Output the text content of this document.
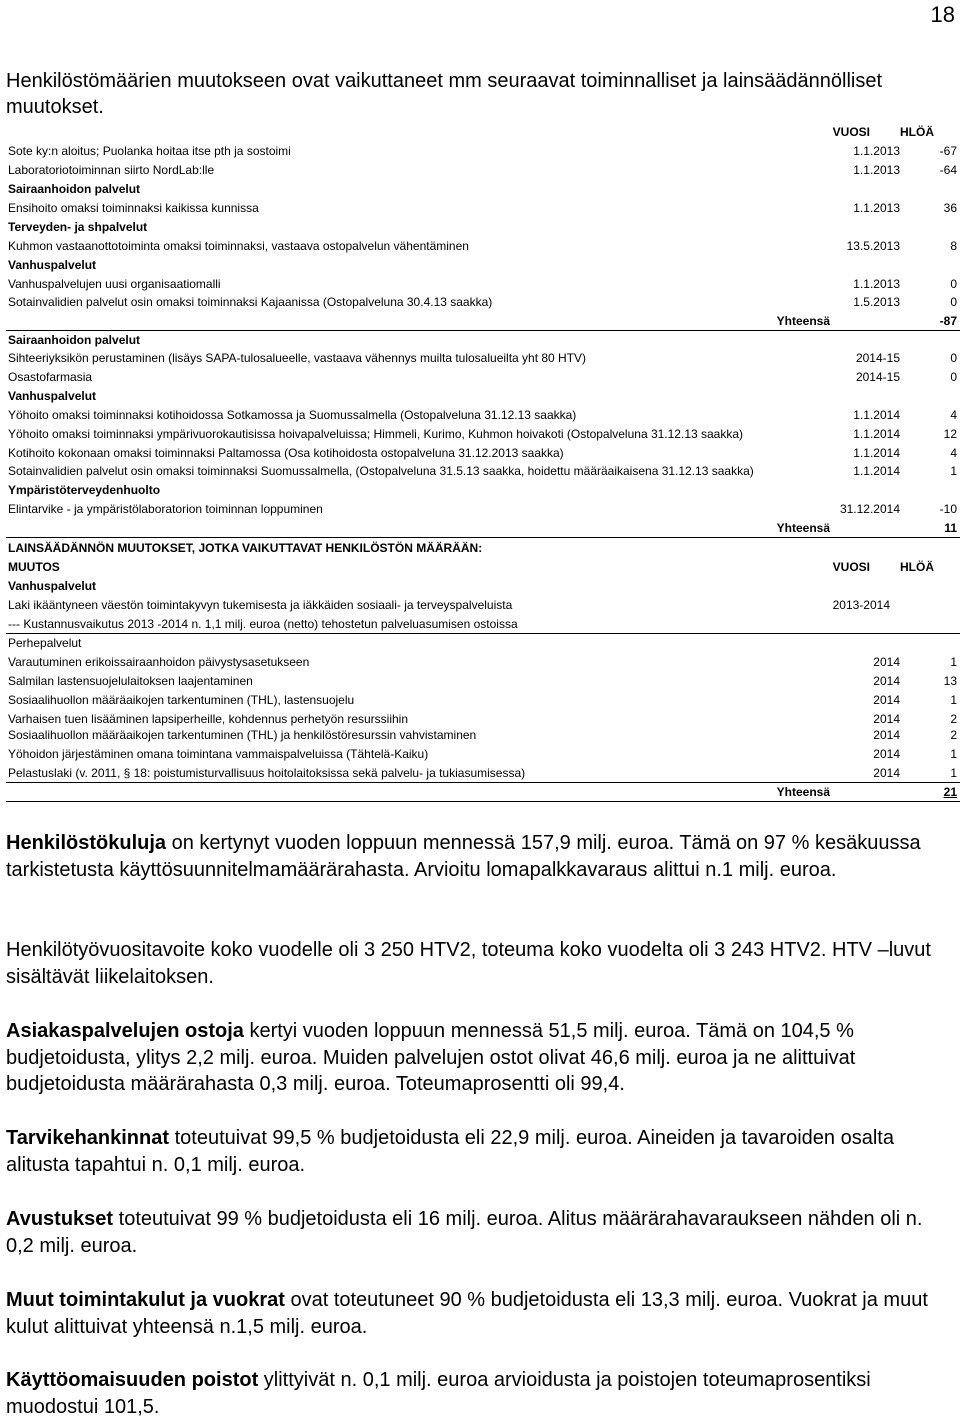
18

Henkilöstömäärien muutokseen ovat vaikuttaneet mm seuraavat toiminnalliset ja lainsäädännölliset muutokset.

VUOSI	HLÖÄ
Sote ky:n aloitus; Puolanka hoitaa itse pth ja sostoimi	1.1.2013	-67
Laboratoriotoiminnan siirto NordLab:lle	1.1.2013	-64
Sairaanhoidon palvelut
Ensihoito omaksi toiminnaksi kaikissa kunnissa	1.1.2013	36
Terveyden- ja shpalvelut
Kuhmon vastaanottotoiminta omaksi toiminnaksi, vastaava ostopalvelun vähentäminen	13.5.2013	8
Vanhuspalvelut
Vanhuspalvelujen uusi organisaatiomalli	1.1.2013	0
Sotainvalidien palvelut osin omaksi toiminnaksi Kajaanissa (Ostopalveluna 30.4.13 saakka)	1.5.2013	0
Yhteensä	-87
Sairaanhoidon palvelut
Sihteeriyksikön perustaminen (lisäys SAPA-tulosalueelle, vastaava vähennys muilta tulosalueilta yht 80 HTV)	2014-15	0
Osastofarmasia	2014-15	0
Vanhuspalvelut
Yöhoito omaksi toiminnaksi kotihoidossa Sotkamossa ja Suomussalmella (Ostopalveluna 31.12.13 saakka)	1.1.2014	4
Yöhoito omaksi toiminnaksi ympärivuorokautisissa hoivapalveluissa; Himmeli, Kurimo, Kuhmon hoivakoti (Ostopalveluna 31.12.13 saakka)	1.1.2014	12
Kotihoito kokonaan omaksi toiminnaksi Paltamossa (Osa kotihoidosta ostopalveluna 31.12.2013 saakka)	1.1.2014	4
Sotainvalidien palvelut osin omaksi toiminnaksi Suomussalmella, (Ostopalveluna 31.5.13 saakka, hoidettu määräaikaisena 31.12.13 saakka)	1.1.2014	1
Ympäristöterveydenhuolto
Elintarvike - ja ympäristölaboratorion toiminnan loppuminen	31.12.2014	-10
Yhteensä	11
LAINSÄÄDÄNNÖN MUUTOKSET, JOTKA VAIKUTTAVAT HENKILÖSTÖN MÄÄRÄÄN:
MUUTOS	VUOSI	HLÖÄ
Vanhuspalvelut
Laki ikääntyneen väestön toimintakyvyn tukemisesta ja iäkkäiden sosiaali- ja terveyspalveluista	2013-2014
--- Kustannusvaikutus 2013 -2014 n. 1,1 milj. euroa (netto) tehostetun palveluasumisen ostoissa
Perhepalvelut
Varautuminen erikoissairaanhoidon päivystysasetukseen	2014	1
Salmilan lastensuojelulaitoksen laajentaminen	2014	13
Sosiaalihuollon määräaikojen tarkentuminen (THL), lastensuojelu	2014	1
Varhaisen tuen lisääminen lapsiperheille, kohdennus perhetyön resurssiihin	2014	2
Sosiaalihuollon määräaikojen tarkentuminen (THL) ja henkilöstöresurssin vahvistaminen	2014	2
Yöhoidon järjestäminen omana toimintana vammaispalveluissa (Tähtelä-Kaiku)	2014	1
Pelastuslaki (v. 2011, § 18: poistumisturvallisuus hoitolaitoksissa sekä palvelu- ja tukiasumisessa)	2014	1
Yhteensä	21

Henkilöstökuluja on kertynyt vuoden loppuun mennessä 157,9 milj. euroa. Tämä on 97 % kesäkuussa tarkistetusta käyttösuunnitelmamäärärahasta. Arvioitu lomapalkkavaraus alittui n.1 milj. euroa.

Henkilötyövuositavoite koko vuodelle oli 3 250 HTV2, toteuma koko vuodelta oli 3 243 HTV2. HTV –luvut sisältävät liikelaitoksen.

Asiakaspalvelujen ostoja kertyi vuoden loppuun mennessä 51,5 milj. euroa. Tämä on 104,5 % budjetoidusta, ylitys 2,2 milj. euroa. Muiden palvelujen ostot olivat 46,6 milj. euroa ja ne alittuivat budjetoidusta määrärahasta 0,3 milj. euroa. Toteumaprosentti oli 99,4.

Tarvikehankinnat toteutuivat 99,5 % budjetoidusta eli 22,9 milj. euroa. Aineiden ja tavaroiden osalta alitusta tapahtui n. 0,1 milj. euroa.

Avustukset toteutuivat 99 % budjetoidusta eli 16 milj. euroa. Alitus määrärahavaraukseen nähden oli n. 0,2 milj. euroa.

Muut toimintakulut ja vuokrat ovat toteutuneet 90 % budjetoidusta eli 13,3 milj. euroa. Vuokrat ja muut kulut alittuivat yhteensä n.1,5 milj. euroa.

Käyttöomaisuuden poistot ylittyivät n. 0,1 milj. euroa arvioidusta ja poistojen toteumaprosentiksi muodostui 101,5.
